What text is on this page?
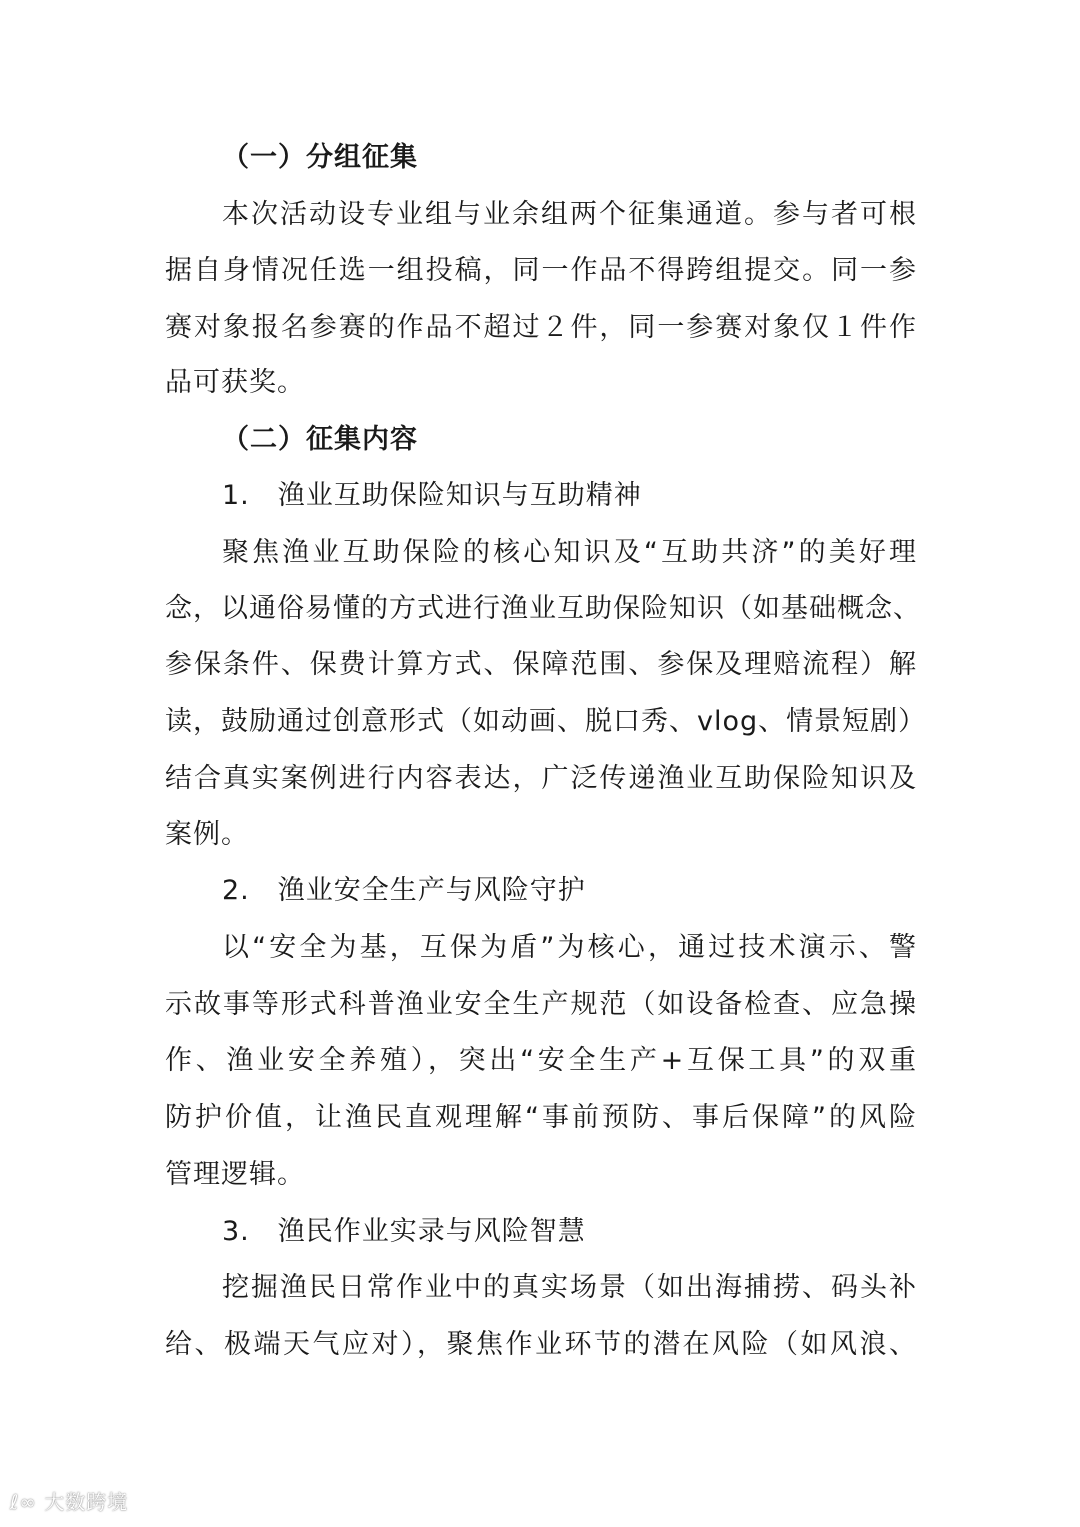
（一）分组征集
本次活动设专业组与业余组两个征集通道。参与者可根
据自身情况任选一组投稿，同一作品不得跨组提交。同一参
赛对象报名参赛的作品不超过２件，同一参赛对象仅１件作
品可获奖。
（二）征集内容
1.　渔业互助保险知识与互助精神
聚焦渔业互助保险的核心知识及“互助共济”的美好理
念，以通俗易懂的方式进行渔业互助保险知识（如基础概念、
参保条件、保费计算方式、保障范围、参保及理赔流程）解
读，鼓励通过创意形式（如动画、脱口秀、vlog、情景短剧）
结合真实案例进行内容表达，广泛传递渔业互助保险知识及
案例。
2.　渔业安全生产与风险守护
以“安全为基，互保为盾”为核心，通过技术演示、警
示故事等形式科普渔业安全生产规范（如设备检查、应急操
作、渔业安全养殖），突出“安全生产+互保工具”的双重
防护价值，让渔民直观理解“事前预防、事后保障”的风险
管理逻辑。
3.　渔民作业实录与风险智慧
挖掘渔民日常作业中的真实场景（如出海捕捞、码头补
给、极端天气应对），聚焦作业环节的潜在风险（如风浪、
ℓ∞ 大数跨境
